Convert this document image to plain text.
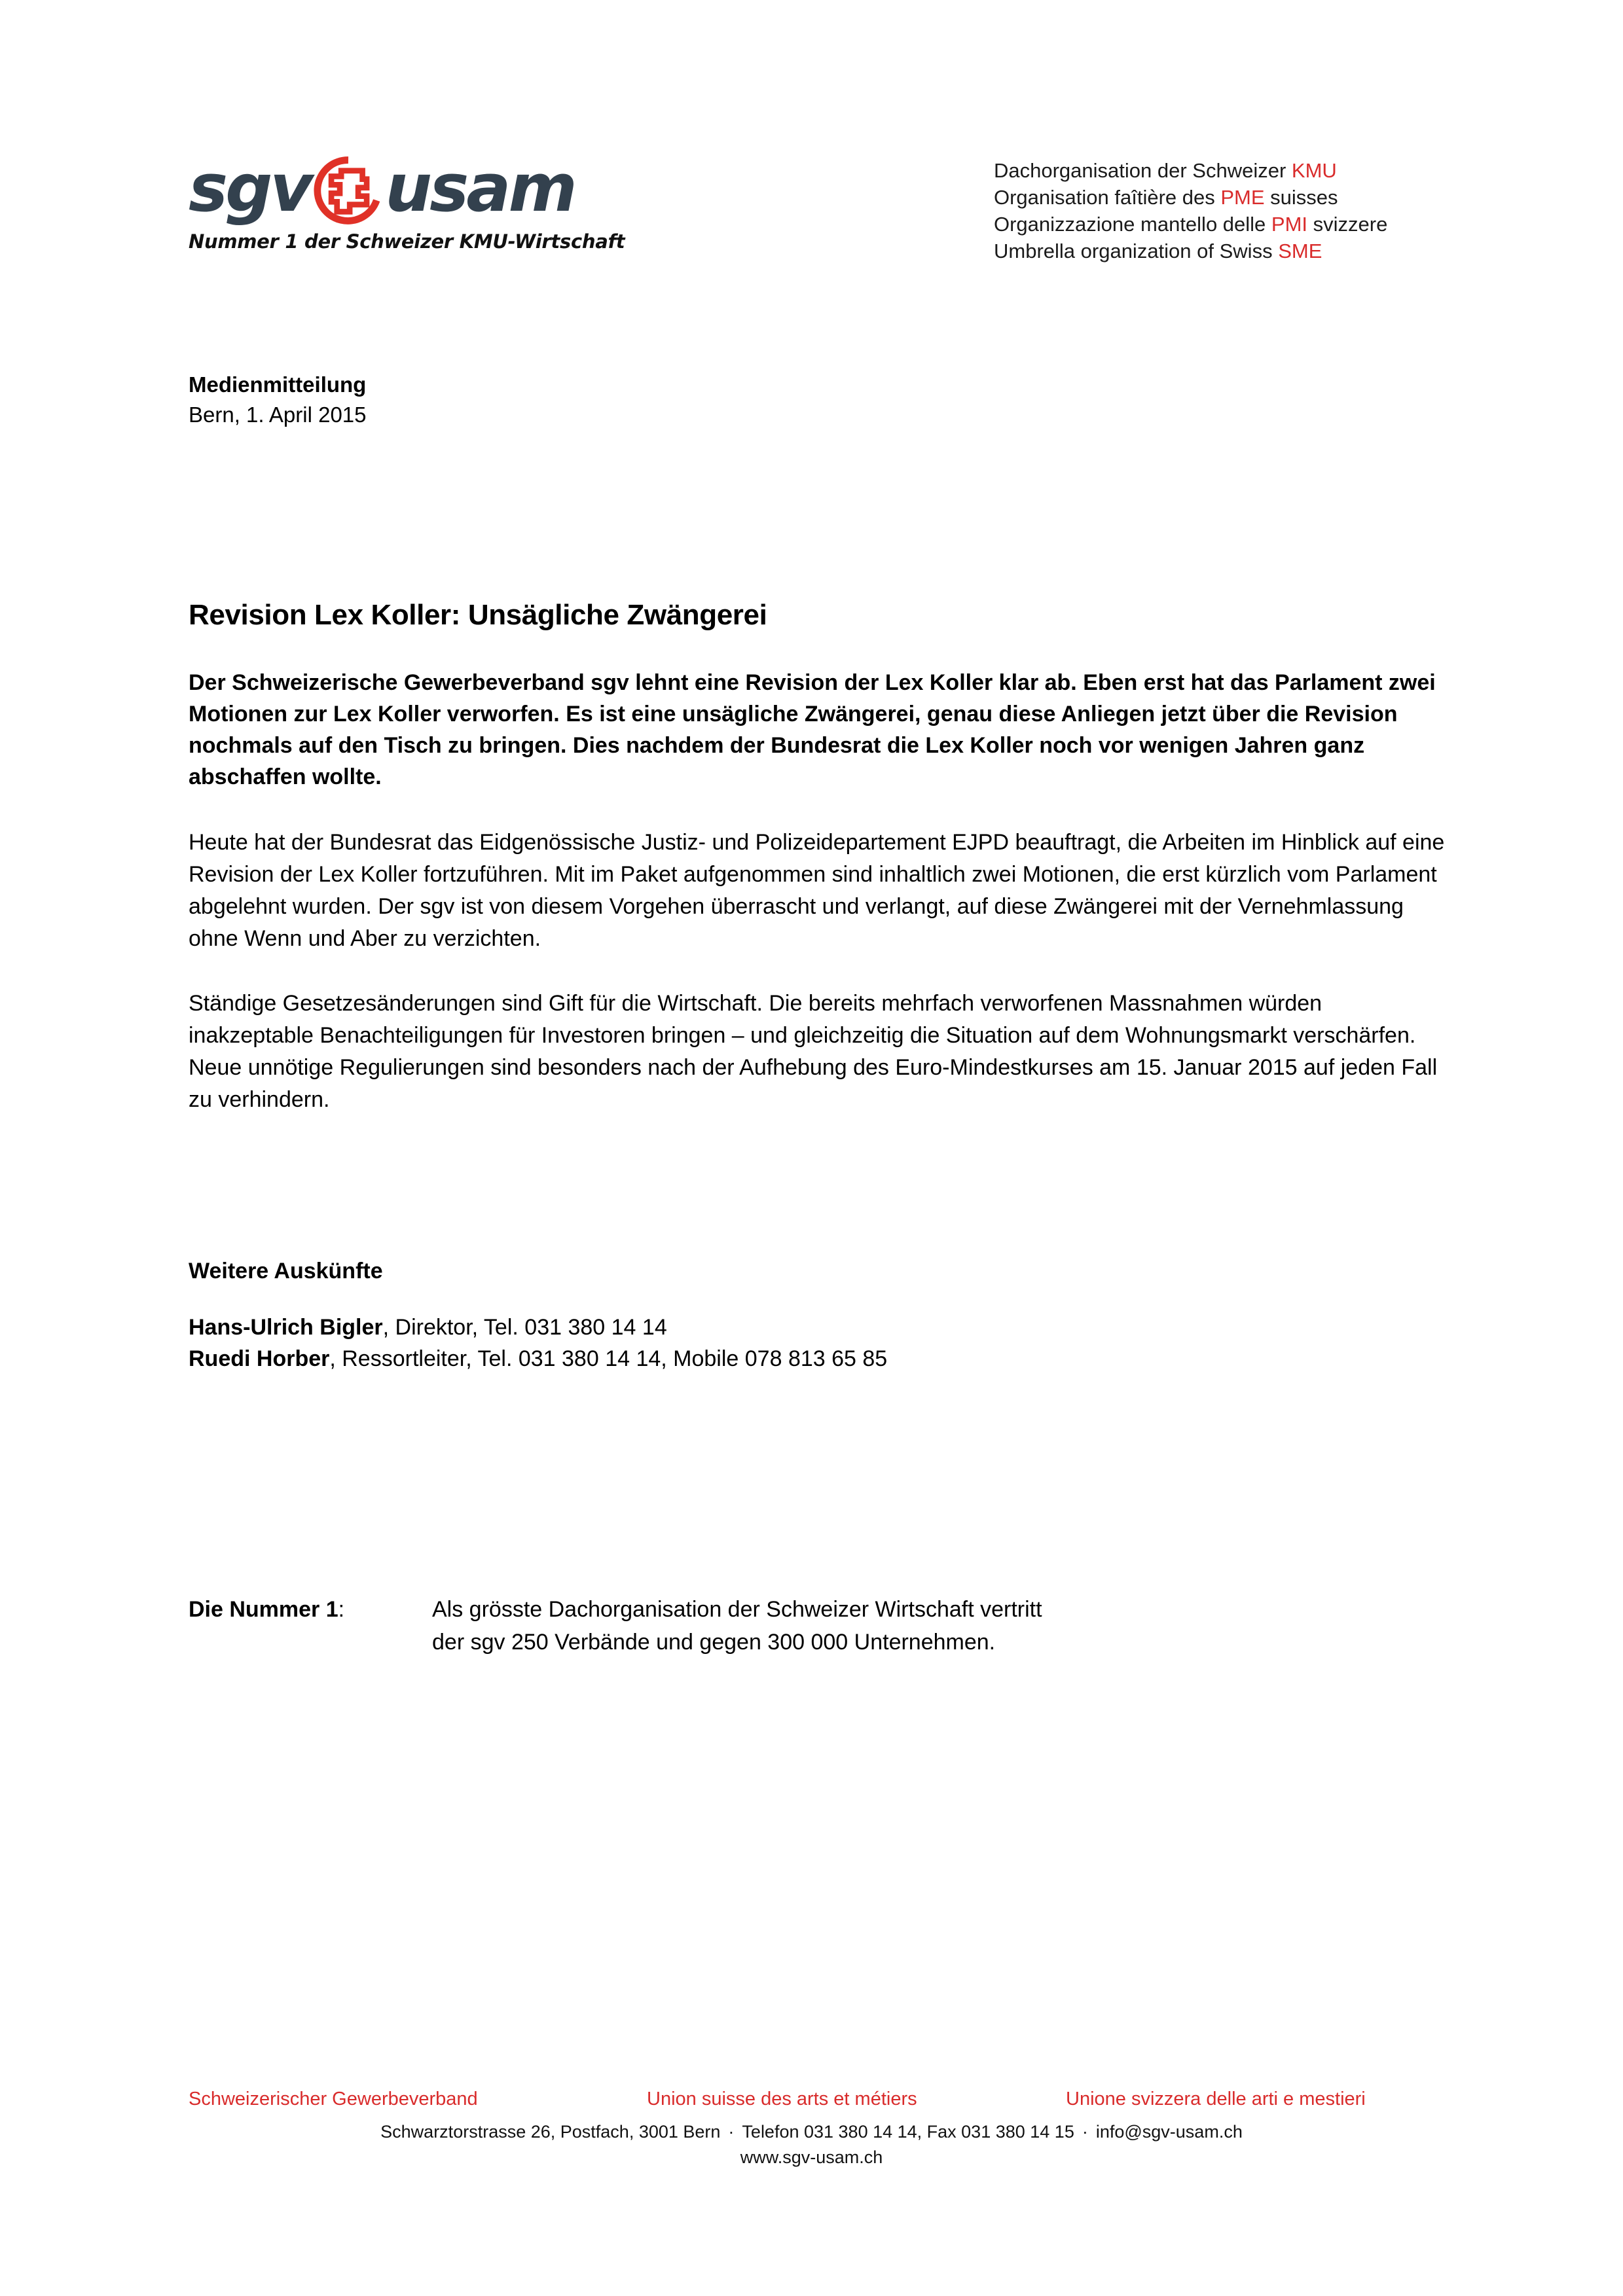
sgv usam
Nummer 1 der Schweizer KMU-Wirtschaft
Dachorganisation der Schweizer KMU
Organisation faîtière des PME suisses
Organizzazione mantello delle PMI svizzere
Umbrella organization of Swiss SME
Medienmitteilung
Bern, 1. April 2015
Revision Lex Koller: Unsägliche Zwängerei

Der Schweizerische Gewerbeverband sgv lehnt eine Revision der Lex Koller klar ab. Eben erst hat das Parlament zwei Motionen zur Lex Koller verworfen. Es ist eine unsägliche Zwängerei, genau diese Anliegen jetzt über die Revision nochmals auf den Tisch zu bringen. Dies nachdem der Bundesrat die Lex Koller noch vor wenigen Jahren ganz abschaffen wollte.

Heute hat der Bundesrat das Eidgenössische Justiz- und Polizeidepartement EJPD beauftragt, die Arbeiten im Hinblick auf eine Revision der Lex Koller fortzuführen. Mit im Paket aufgenommen sind inhaltlich zwei Motionen, die erst kürzlich vom Parlament abgelehnt wurden. Der sgv ist von diesem Vorgehen überrascht und verlangt, auf diese Zwängerei mit der Vernehmlassung ohne Wenn und Aber zu verzichten.

Ständige Gesetzesänderungen sind Gift für die Wirtschaft. Die bereits mehrfach verworfenen Massnahmen würden inakzeptable Benachteiligungen für Investoren bringen – und gleichzeitig die Situation auf dem Wohnungsmarkt verschärfen. Neue unnötige Regulierungen sind besonders nach der Aufhebung des Euro-Mindestkurses am 15. Januar 2015 auf jeden Fall zu verhindern.

Weitere Auskünfte
Hans-Ulrich Bigler, Direktor, Tel. 031 380 14 14
Ruedi Horber, Ressortleiter, Tel. 031 380 14 14, Mobile 078 813 65 85
Die Nummer 1:	Als grösste Dachorganisation der Schweizer Wirtschaft vertritt
der sgv 250 Verbände und gegen 300 000 Unternehmen.
Schweizerischer Gewerbeverband	Union suisse des arts et métiers	Unione svizzera delle arti e mestieri
Schwarztorstrasse 26, Postfach, 3001 Bern · Telefon 031 380 14 14, Fax 031 380 14 15 · info@sgv-usam.ch
www.sgv-usam.ch
